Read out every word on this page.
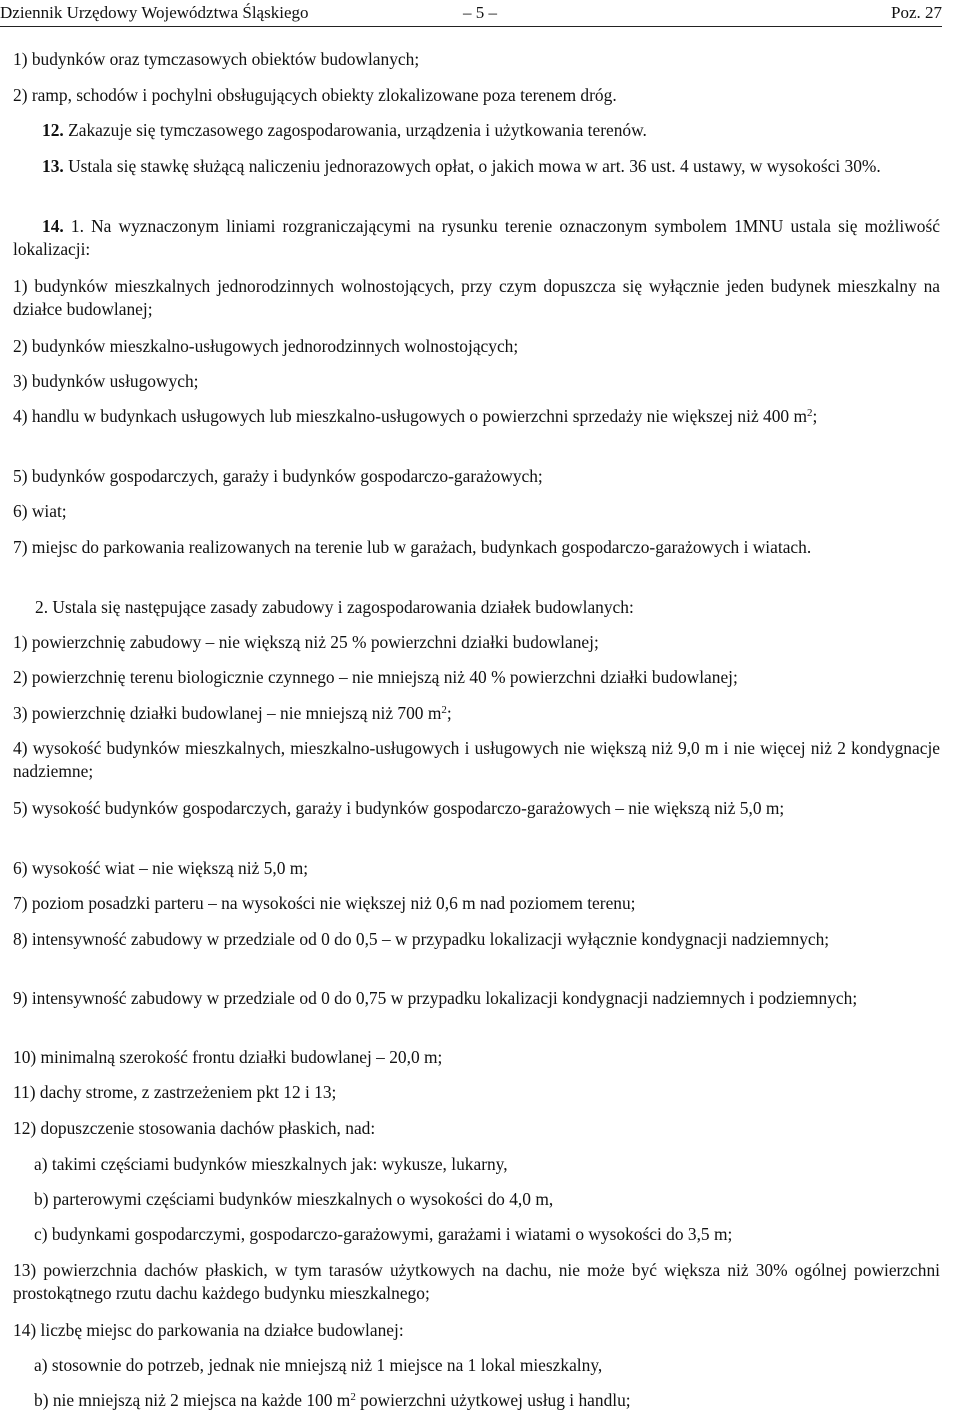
Dziennik Urzędowy Województwa Śląskiego	– 5 –	Poz. 27

1) budynków oraz tymczasowych obiektów budowlanych;

2) ramp, schodów i pochylni obsługujących obiekty zlokalizowane poza terenem dróg.

12. Zakazuje się tymczasowego zagospodarowania, urządzenia i użytkowania terenów.

13. Ustala się stawkę służącą naliczeniu jednorazowych opłat, o jakich mowa w art. 36 ust. 4 ustawy, w wysokości 30%.

14. 1. Na wyznaczonym liniami rozgraniczającymi na rysunku terenie oznaczonym symbolem 1MNU ustala się możliwość lokalizacji:

1) budynków mieszkalnych jednorodzinnych wolnostojących, przy czym dopuszcza się wyłącznie jeden budynek mieszkalny na działce budowlanej;

2) budynków mieszkalno-usługowych jednorodzinnych wolnostojących;

3) budynków usługowych;

4) handlu w budynkach usługowych lub mieszkalno-usługowych o powierzchni sprzedaży nie większej niż 400 $m^2$;

5) budynków gospodarczych, garaży i budynków gospodarczo-garażowych;

6) wiat;

7) miejsc do parkowania realizowanych na terenie lub w garażach, budynkach gospodarczo-garażowych i wiatach.

2. Ustala się następujące zasady zabudowy i zagospodarowania działek budowlanych:

1) powierzchnię zabudowy – nie większą niż 25 % powierzchni działki budowlanej;

2) powierzchnię terenu biologicznie czynnego – nie mniejszą niż 40 % powierzchni działki budowlanej;

3) powierzchnię działki budowlanej – nie mniejszą niż 700 $m^2$;

4) wysokość budynków mieszkalnych, mieszkalno-usługowych i usługowych nie większą niż 9,0 m i nie więcej niż 2 kondygnacje nadziemne;

5) wysokość budynków gospodarczych, garaży i budynków gospodarczo-garażowych – nie większą niż 5,0 m;

6) wysokość wiat – nie większą niż 5,0 m;

7) poziom posadzki parteru – na wysokości nie większej niż 0,6 m nad poziomem terenu;

8) intensywność zabudowy w przedziale od 0 do 0,5 – w przypadku lokalizacji wyłącznie kondygnacji nadziemnych;

9) intensywność zabudowy w przedziale od 0 do 0,75 w przypadku lokalizacji kondygnacji nadziemnych i podziemnych;

10) minimalną szerokość frontu działki budowlanej – 20,0 m;

11) dachy strome, z zastrzeżeniem pkt 12 i 13;

12) dopuszczenie stosowania dachów płaskich, nad:

a) takimi częściami budynków mieszkalnych jak: wykusze, lukarny,

b) parterowymi częściami budynków mieszkalnych o wysokości do 4,0 m,

c) budynkami gospodarczymi, gospodarczo-garażowymi, garażami i wiatami o wysokości do 3,5 m;

13) powierzchnia dachów płaskich, w tym tarasów użytkowych na dachu, nie może być większa niż 30% ogólnej powierzchni prostokątnego rzutu dachu każdego budynku mieszkalnego;

14) liczbę miejsc do parkowania na działce budowlanej:

a) stosownie do potrzeb, jednak nie mniejszą niż 1 miejsce na 1 lokal mieszkalny,

b) nie mniejszą niż 2 miejsca na każde 100 $m^2$ powierzchni użytkowej usług i handlu;
